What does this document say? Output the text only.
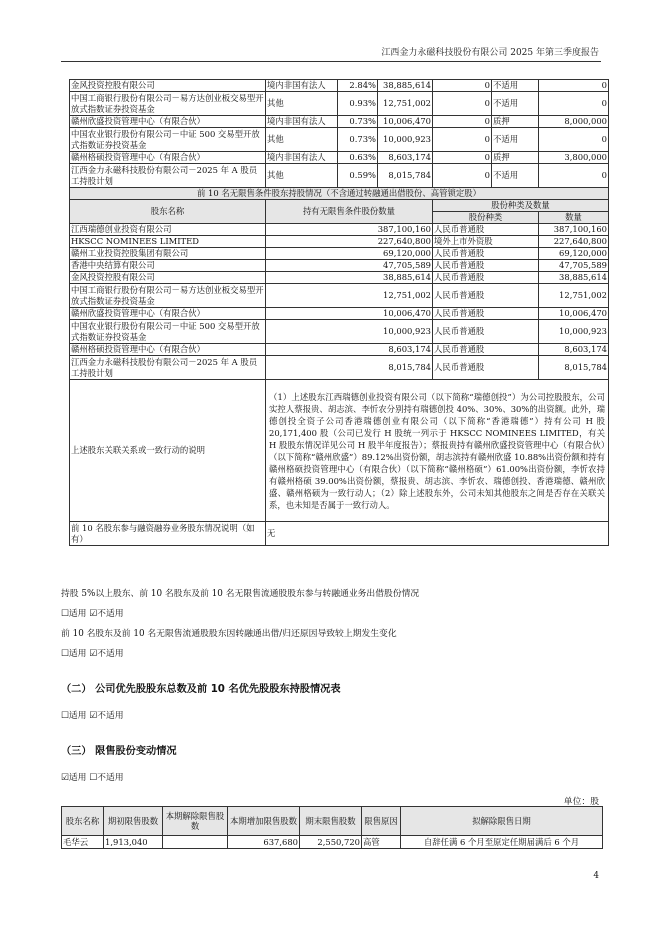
江西金力永磁科技股份有限公司 2025 年第三季度报告
金风投资控股有限公司	境内非国有法人	2.84%	38,885,614	0	不适用	0
中国工商银行股份有限公司－易方达创业板交易型开放式指数证券投资基金	其他	0.93%	12,751,002	0	不适用	0
赣州欣盛投资管理中心（有限合伙）	境内非国有法人	0.73%	10,006,470	0	质押	8,000,000
中国农业银行股份有限公司－中证 500 交易型开放式指数证券投资基金	其他	0.73%	10,000,923	0	不适用	0
赣州格硕投资管理中心（有限合伙）	境内非国有法人	0.63%	8,603,174	0	质押	3,800,000
江西金力永磁科技股份有限公司－2025 年 A 股员工持股计划	其他	0.59%	8,015,784	0	不适用	0
前 10 名无限售条件股东持股情况（不含通过转融通出借股份、高管锁定股）						
股东名称	持有无限售条件股份数量			股份种类及数量		
				股份种类		数量
江西瑞德创业投资有限公司	387,100,160			人民币普通股		387,100,160
HKSCC NOMINEES LIMITED	227,640,800			境外上市外资股		227,640,800
赣州工业投资控股集团有限公司	69,120,000			人民币普通股		69,120,000
香港中央结算有限公司	47,705,589			人民币普通股		47,705,589
金风投资控股有限公司	38,885,614			人民币普通股		38,885,614
中国工商银行股份有限公司－易方达创业板交易型开放式指数证券投资基金	12,751,002			人民币普通股		12,751,002
赣州欣盛投资管理中心（有限合伙）	10,006,470			人民币普通股		10,006,470
中国农业银行股份有限公司－中证 500 交易型开放式指数证券投资基金	10,000,923			人民币普通股		10,000,923
赣州格硕投资管理中心（有限合伙）	8,603,174			人民币普通股		8,603,174
江西金力永磁科技股份有限公司－2025 年 A 股员工持股计划	8,015,784			人民币普通股		8,015,784
上述股东关联关系或一致行动的说明	（1）上述股东江西瑞德创业投资有限公司（以下简称“瑞德创投”）为公司控股股东，公司实控人蔡报贵、胡志滨、李忻农分别持有瑞德创投 40%、30%、30%的出资额。此外，瑞德创投全资子公司香港瑞德创业有限公司（以下简称“香港瑞德”）持有公司 H 股 20,171,400 股（公司已发行 H 股统一列示于 HKSCC NOMINEES LIMITED，有关 H 股股东情况详见公司 H 股半年度报告）；蔡报贵持有赣州欣盛投资管理中心（有限合伙）（以下简称“赣州欣盛”）89.12%出资份额，胡志滨持有赣州欣盛 10.88%出资份额和持有赣州格硕投资管理中心（有限合伙）（以下简称“赣州格硕”）61.00%出资份额，李忻农持有赣州格硕 39.00%出资份额，蔡报贵、胡志滨、李忻农、瑞德创投、香港瑞德、赣州欣盛、赣州格硕为一致行动人；（2）除上述股东外，公司未知其他股东之间是否存在关联关系，也未知是否属于一致行动人。					
前 10 名股东参与融资融券业务股东情况说明（如有）	无					
持股 5%以上股东、前 10 名股东及前 10 名无限售流通股股东参与转融通业务出借股份情况
☐适用 ☑不适用
前 10 名股东及前 10 名无限售流通股股东因转融通出借/归还原因导致较上期发生变化
☐适用 ☑不适用
（二） 公司优先股股东总数及前 10 名优先股股东持股情况表
☐适用 ☑不适用
（三） 限售股份变动情况
☑适用 ☐不适用
单位：股
股东名称	期初限售股数	本期解除限售股数	本期增加限售股数	期末限售股数	限售原因	拟解除限售日期
毛华云	1,913,040		637,680	2,550,720	高管	自辞任满 6 个月至原定任期届满后 6 个月
4
